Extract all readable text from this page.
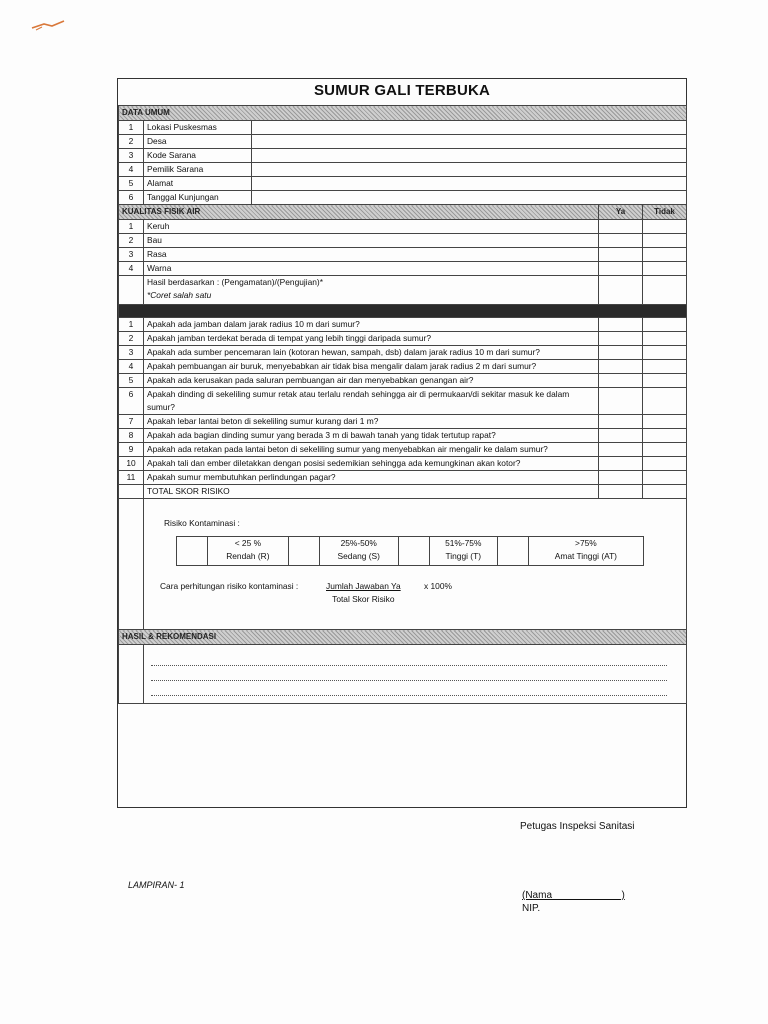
SUMUR GALI TERBUKA
DATA UMUM
1	Lokasi Puskesmas	
2	Desa	
3	Kode Sarana	
4	Pemilik Sarana	
5	Alamat	
6	Tanggal Kunjungan	
KUALITAS FISIK AIR	Ya	Tidak
1	Keruh		
2	Bau		
3	Rasa		
4	Warna		

Hasil berdasarkan : (Pengamatan)/(Pengujian)*
*Coret salah satu

1	Apakah ada jamban dalam jarak radius 10 m dari sumur?		
2	Apakah jamban terdekat berada di tempat yang lebih tinggi daripada sumur?		
3	Apakah ada sumber pencemaran lain (kotoran hewan, sampah, dsb) dalam jarak radius 10 m dari sumur?		
4	Apakah pembuangan air buruk, menyebabkan air tidak bisa mengalir dalam jarak radius 2 m dari sumur?		
5	Apakah ada kerusakan pada saluran pembuangan air dan menyebabkan genangan air?		
6	Apakah dinding di sekeliling sumur retak atau terlalu rendah sehingga air di permukaan/di sekitar masuk ke dalam sumur?		
7	Apakah lebar lantai beton di sekeliling sumur kurang dari 1 m?		
8	Apakah ada bagian dinding sumur yang berada 3 m di bawah tanah yang tidak tertutup rapat?		
9	Apakah ada retakan pada lantai beton di sekeliling sumur yang menyebabkan air mengalir ke dalam sumur?		
10	Apakah tali dan ember diletakkan dengan posisi sedemikian sehingga ada kemungkinan akan kotor?		
11	Apakah sumur membutuhkan perlindungan pagar?		
	TOTAL SKOR RISIKO		

Risiko Kontaminasi :

< 25 %
Rendah (R)

25%-50%
Sedang (S)

51%-75%
Tinggi (T)

>75%
Amat Tinggi (AT)
Cara perhitungan risiko kontaminasi :	Jumlah Jawaban Ya
Total Skor Risiko
x 100%

HASIL & REKOMENDASI

Petugas Inspeksi Sanitasi
LAMPIRAN- 1
(Nama                         )
NIP.
